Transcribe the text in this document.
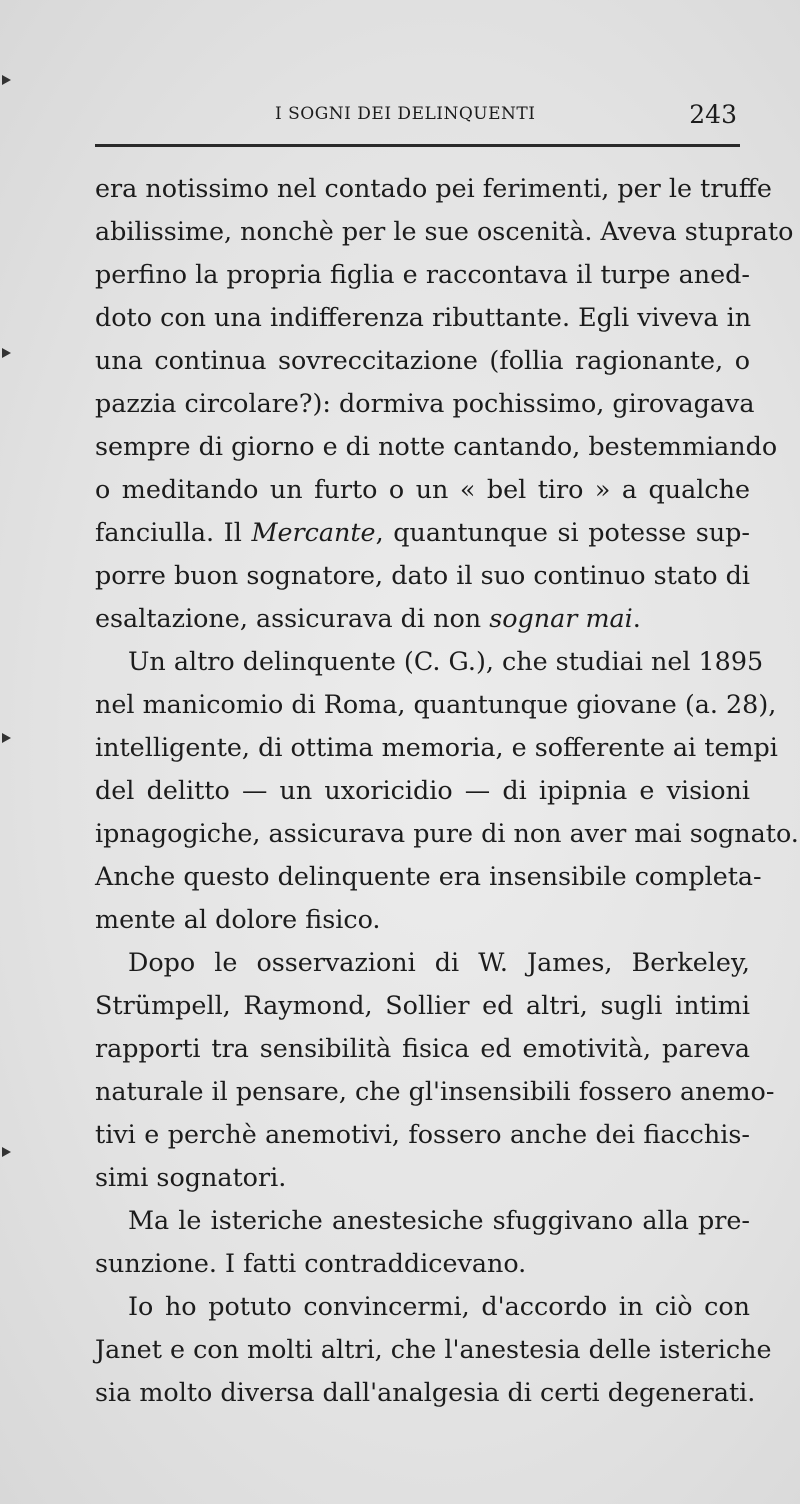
I SOGNI DEI DELINQUENTI	243
era notissimo nel contado pei ferimenti, per le truffe
abilissime, nonchè per le sue oscenità. Aveva stuprato
perfino la propria figlia e raccontava il turpe aned-
doto con una indifferenza ributtante. Egli viveva in
una continua sovreccitazione (follia ragionante, o
pazzia circolare?): dormiva pochissimo, girovagava
sempre di giorno e di notte cantando, bestemmiando
o meditando un furto o un « bel tiro » a qualche
fanciulla. Il Mercante, quantunque si potesse sup-
porre buon sognatore, dato il suo continuo stato di
esaltazione, assicurava di non sognar mai.
Un altro delinquente (C. G.), che studiai nel 1895
nel manicomio di Roma, quantunque giovane (a. 28),
intelligente, di ottima memoria, e sofferente ai tempi
del delitto — un uxoricidio — di ipipnia e visioni
ipnagogiche, assicurava pure di non aver mai sognato.
Anche questo delinquente era insensibile completa-
mente al dolore fisico.
Dopo le osservazioni di W. James, Berkeley,
Strümpell, Raymond, Sollier ed altri, sugli intimi
rapporti tra sensibilità fisica ed emotività, pareva
naturale il pensare, che gl'insensibili fossero anemo-
tivi e perchè anemotivi, fossero anche dei fiacchis-
simi sognatori.
Ma le isteriche anestesiche sfuggivano alla pre-
sunzione. I fatti contraddicevano.
Io ho potuto convincermi, d'accordo in ciò con
Janet e con molti altri, che l'anestesia delle isteriche
sia molto diversa dall'analgesia di certi degenerati.
